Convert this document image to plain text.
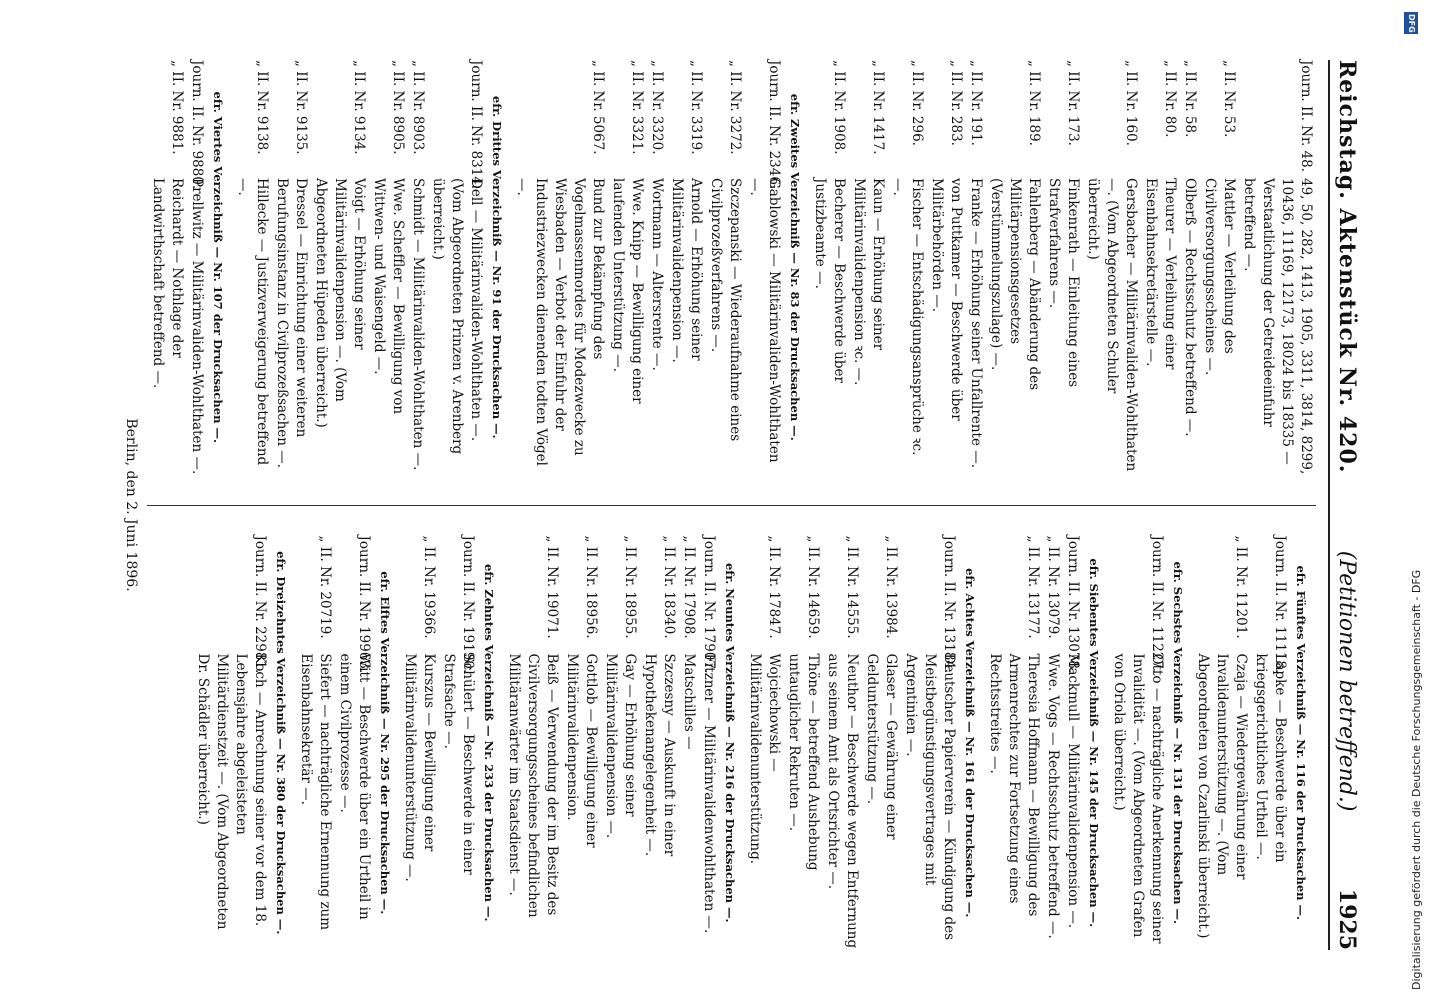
Reichstag. Aktenstück Nr. 420.
(Petitionen betreffend.)
1925
Journ. II. Nr. 48.
49, 50, 282, 1413, 1905, 3311, 3814, 8299, 10436, 11169, 12173, 18024 bis 18335 — Verstaatlichung der Getreideeinfuhr betreffend —.
„ II. Nr. 53.
Mattler — Verleihung des Civilversorgungsscheines —.
„ II. Nr. 58.
Olberß — Rechtsschutz betreffend —.
„ II. Nr. 80.
Theurer — Verleihung einer Eisenbahnsekretärstelle —.
„ II. Nr. 160.
Gersbacher — Militärinvaliden-Wohlthaten —. (Vom Abgeordneten Schuler überreicht.)
„ II. Nr. 173.
Finkenrath — Einleitung eines Strafverfahrens —.
„ II. Nr. 189.
Fahlenberg — Abänderung des Militärpensionsgesetzes (Verstümmelungszulage) —.
„ II. Nr. 191.
Franke — Erhöhung seiner Unfallrente —.
„ II. Nr. 283.
von Puttkamer — Beschwerde über Militärbehörden —.
„ II. Nr. 296.
Fischer — Entschädigungsansprüche ꝛc. —.
„ II. Nr. 1417.
Kaun — Erhöhung seiner Militärinvalidenpension ꝛc. —.
„ II. Nr. 1908.
Becherer — Beschwerde über Justizbeamte —.
efr. Zweites Verzeichniß — Nr. 83 der Drucksachen —.
Journ. II. Nr. 2346.
Gablowski — Militärinvaliden-Wohlthaten —.
„ II. Nr. 3272.
Szczepanski — Wiederaufnahme eines Civilprozeßverfahrens —.
„ II. Nr. 3319.
Arnold — Erhöhung seiner Militärinvalidenpension —.
„ II. Nr. 3320.
Wortmann — Altersrente —.
„ II. Nr. 3321.
Wwe. Knipp — Bewilligung einer laufenden Unterstützung —.
„ II. Nr. 5067.
Bund zur Bekämpfung des Vogelmassenmordes für Modezwecke zu Wiesbaden — Verbot der Einfuhr der Industriezwecken dienenden todten Vögel —.
efr. Drittes Verzeichniß — Nr. 91 der Drucksachen —.
Journ. II. Nr. 8314.
Dell — Militärinvaliden-Wohlthaten —. (Vom Abgeordneten Prinzen v. Arenberg überreicht.)
„ II. Nr. 8903.
Schmidt — Militärinvaliden-Wohlthaten —.
„ II. Nr. 8905.
Wwe. Scheffler — Bewilligung von Wittwen- und Waisengeld —.
„ II. Nr. 9134.
Voigt — Erhöhung seiner Militärinvalidenpension —. (Vom Abgeordneten Hüpeden überreicht.)
„ II. Nr. 9135.
Dressel — Einrichtung einer weiteren Berufungsinstanz in Civilprozeßsachen —.
„ II. Nr. 9138.
Hillecke — Justizverweigerung betreffend —.
efr. Viertes Verzeichniß — Nr. 107 der Drucksachen —.
Journ. II. Nr. 9880.
Prellwitz — Militärinvaliden-Wohlthaten —.
„ II. Nr. 9881.
Reichardt — Nothlage der Landwirthschaft betreffend —.
efr. Fünftes Verzeichniß — Nr. 116 der Drucksachen —.
Journ. II. Nr. 11118.
Lapke — Beschwerde über ein kriegsgerichtliches Urtheil —.
„ II. Nr. 11201.
Czaja — Wiedergewährung einer Invalidenunterstützung —. (Vom Abgeordneten von Czarlinski überreicht.)
efr. Sechstes Verzeichniß — Nr. 131 der Drucksachen —.
Journ. II. Nr. 11227.
Otto — nachträgliche Anerkennung seiner Invalidität —. (Vom Abgeordneten Grafen von Oriola überreicht.)
efr. Siebentes Verzeichniß — Nr. 145 der Drucksachen —.
Journ. II. Nr. 13078.
Mackmull — Militärinvalidenpension —.
„ II. Nr. 13079.
Wwe. Vogs — Rechtsschutz betreffend —.
„ II. Nr. 13177.
Theresia Hoffmann — Bewilligung des Armenrechtes zur Fortsetzung eines Rechtsstreites —.
efr. Achtes Verzeichniß — Nr. 161 der Drucksachen —.
Journ. II. Nr. 13184.
Deutscher Papierverein — Kündigung des Meistbegünstigungsvertrages mit Argentinien —.
„ II. Nr. 13984.
Glaser — Gewährung einer Geldunterstützung —.
„ II. Nr. 14555.
Neuthor — Beschwerde wegen Entfernung aus seinem Amt als Ortsrichter —.
„ II. Nr. 14659.
Thöne — betreffend Aushebung untauglicher Rekruten —.
„ II. Nr. 17847.
Wojciechowski — Militärinvalidenunterstützung.
efr. Neuntes Verzeichniß — Nr. 216 der Drucksachen —.
Journ. II. Nr. 17907.
Fitzner — Militärinvalidenwohlthaten —.
„ II. Nr. 17908.
Matschilles —
„ II. Nr. 18340.
Szczesny — Auskunft in einer Hypothekenangelegenheit —.
„ II. Nr. 18955.
Gay — Erhöhung seiner Militärinvalidenpension —.
„ II. Nr. 18956.
Gottlob — Bewilligung einer Militärinvalidenpension.
„ II. Nr. 19071.
Beiß — Verwendung der im Besitz des Civilversorgungsscheines befindlichen Militäranwärter im Staatsdienst —.
efr. Zehntes Verzeichniß — Nr. 233 der Drucksachen —.
Journ. II. Nr. 19190.
Schülert — Beschwerde in einer Strafsache —.
„ II. Nr. 19366.
Kurszus — Bewilligung einer Militärinvalidenunterstützung —.
efr. Elftes Verzeichniß — Nr. 295 der Drucksachen —.
Journ. II. Nr. 19963.
Witt — Beschwerde über ein Urtheil in einem Civilprozesse —.
„ II. Nr. 20719.
Siefert — nachträgliche Ernennung zum Eisenbahnsekretär —.
efr. Dreizehntes Verzeichniß — Nr. 380 der Drucksachen —.
Journ. II. Nr. 22981.
Koch — Anrechnung seiner vor dem 18. Lebensjahre abgeleisteten Militärdienstzeit —. (Vom Abgeordneten Dr. Schädler überreicht.)
Berlin, den 2. Juni 1896.
DFG
Digitalisierung gefördert durch die Deutsche Forschungsgemeinschaft - DFG
